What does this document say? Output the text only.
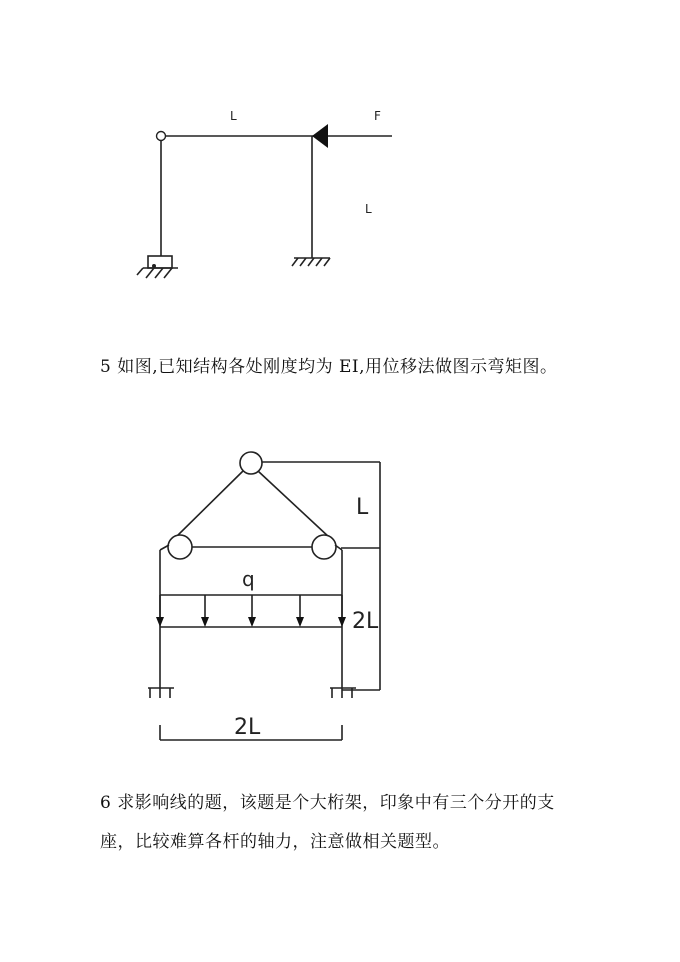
L
L
F

5 如图,已知结构各处刚度均为 EI,用位移法做图示弯矩图。

L
2L
q
2L

6 求影响线的题，该题是个大桁架，印象中有三个分开的支

座，比较难算各杆的轴力，注意做相关题型。
